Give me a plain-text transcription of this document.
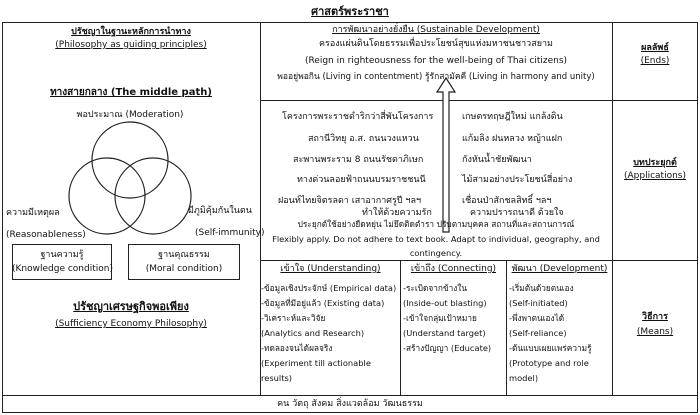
ศาสตร์พระราชา
ปรัชญาในฐานะหลักการนำทาง
(Philosophy as guiding principles)
ทางสายกลาง (The middle path)
พอประมาณ (Moderation)
ความมีเหตุผล
(Reasonableness)
มีภูมิคุ้มกันในตน
(Self-immunity)
ฐานความรู้
(Knowledge condition)
ฐานคุณธรรม
(Moral condition)
ปรัชญาเศรษฐกิจพอเพียง
(Sufficiency Economy Philosophy)
การพัฒนาอย่างยั่งยืน (Sustainable Development)
ครองแผ่นดินโดยธรรมเพื่อประโยชน์สุขแห่งมหาชนชาวสยาม
(Reign in righteousness for the well-being of Thai citizens)
พออยู่พอกิน (Living in contentment) รู้รักสามัคคี (Living in harmony and unity)
ผลลัพธ์
(Ends)
โครงการพระราชดำริกว่าสี่พันโครงการ
สถานีวิทยุ อ.ส. ถนนวงแหวน
สะพานพระราม 8 ถนนรัชดาภิเษก
ทางด่วนลอยฟ้าถนนบรมราชชนนี
ฝอนท์ไทยจิตรลดา เสาอากาศรูปี ฯลฯ
เกษตรทฤษฎีใหม่ แกล้งดิน
แก้มลิง ฝนหลวง หญ้าแฝก
กังหันน้ำชัยพัฒนา
ไม้สามอย่างประโยชน์สี่อย่าง
เชื่อนป่าสักชลสิทธิ์ ฯลฯ
ทำให้ด้วยความรัก	ความปรารถนาดี ด้วยใจ
ประยุกต์ใช้อย่างยืดหยุ่น ไม่ยึดติดตำรา ปรับตามบุคคล สถานที่และสถานการณ์
Flexibly apply. Do not adhere to text book. Adapt to individual, geography, and
contingency.
บทประยุกต์
(Applications)
เข้าใจ (Understanding)
-ข้อมูลเชิงประจักษ์ (Empirical data)
-ข้อมูลที่มีอยู่แล้ว (Existing data)
-วิเคราะห์และวิจัย
(Analytics and Research)
-ทดลองจนได้ผลจริง
(Experiment till actionable
results)
เข้าถึง (Connecting)
-ระเบิดจากข้างใน
(Inside-out blasting)
-เข้าใจกลุ่มเป้าหมาย
(Understand target)
-สร้างปัญญา (Educate)
พัฒนา (Development)
-เริ่มต้นด้วยตนเอง
(Self-initiated)
-พึ่งพาตนเองได้
(Self-reliance)
-ต้นแบบเผยแพร่ความรู้
(Prototype and role
model)
วิธีการ
(Means)
คน วัตถุ สังคม สิ่งแวดล้อม วัฒนธรรม
